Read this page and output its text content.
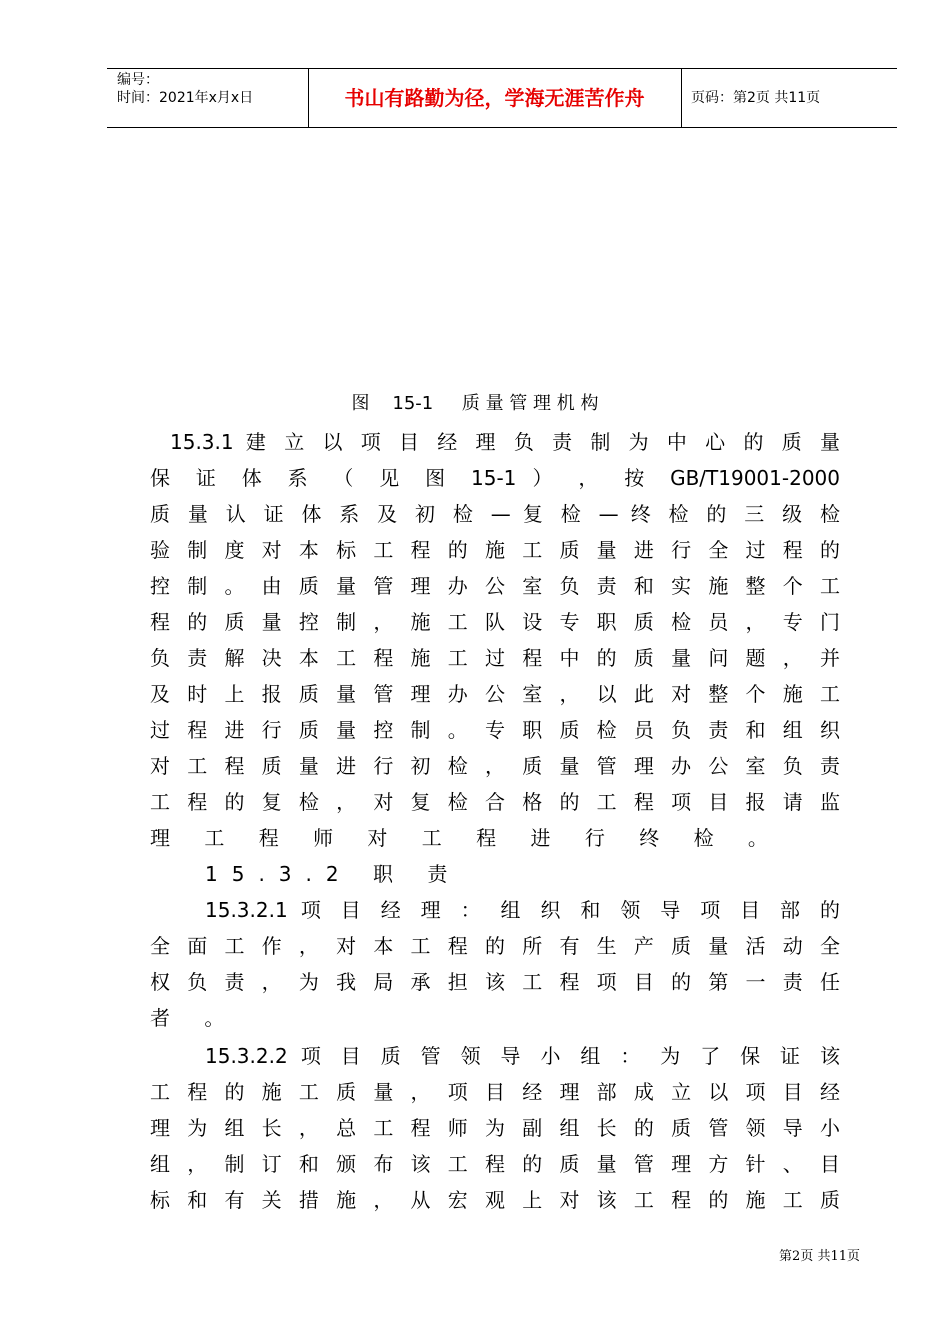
编号：
时间：2021年x月x日	书山有路勤为径，学海无涯苦作舟	页码：第2页 共11页
图    15-1     质 量 管 理 机 构
15.3.1 建 立 以 项 目 经 理 负 责 制 为 中 心 的 质 量
保 证 体 系 （ 见 图 15-1 ） ， 按 GB/T19001-2000
质 量 认 证 体 系 及 初 检 — 复 检 — 终 检 的 三 级 检
验 制 度 对 本 标 工 程 的 施 工 质 量 进 行 全 过 程 的
控 制 。 由 质 量 管 理 办 公 室 负 责 和 实 施 整 个 工
程 的 质 量 控 制 ， 施 工 队 设 专 职 质 检 员 ， 专 门
负 责 解 决 本 工 程 施 工 过 程 中 的 质 量 问 题 ， 并
及 时 上 报 质 量 管 理 办 公 室 ， 以 此 对 整 个 施 工
过 程 进 行 质 量 控 制 。 专 职 质 检 员 负 责 和 组 织
对 工 程 质 量 进 行 初 检 ， 质 量 管 理 办 公 室 负 责
工 程 的 复 检 ， 对 复 检 合 格 的 工 程 项 目 报 请 监
理 工 程 师 对 工 程 进 行 终 检 。
15.3.2 职 责
15.3.2.1 项 目 经 理 ： 组 织 和 领 导 项 目 部 的
全 面 工 作 ， 对 本 工 程 的 所 有 生 产 质 量 活 动 全
权 负 责 ， 为 我 局 承 担 该 工 程 项 目 的 第 一 责 任
者 。
15.3.2.2 项 目 质 管 领 导 小 组 ： 为 了 保 证 该
工 程 的 施 工 质 量 ， 项 目 经 理 部 成 立 以 项 目 经
理 为 组 长 ， 总 工 程 师 为 副 组 长 的 质 管 领 导 小
组 ， 制 订 和 颁 布 该 工 程 的 质 量 管 理 方 针 、 目
标 和 有 关 措 施 ， 从 宏 观 上 对 该 工 程 的 施 工 质
第2页 共11页
